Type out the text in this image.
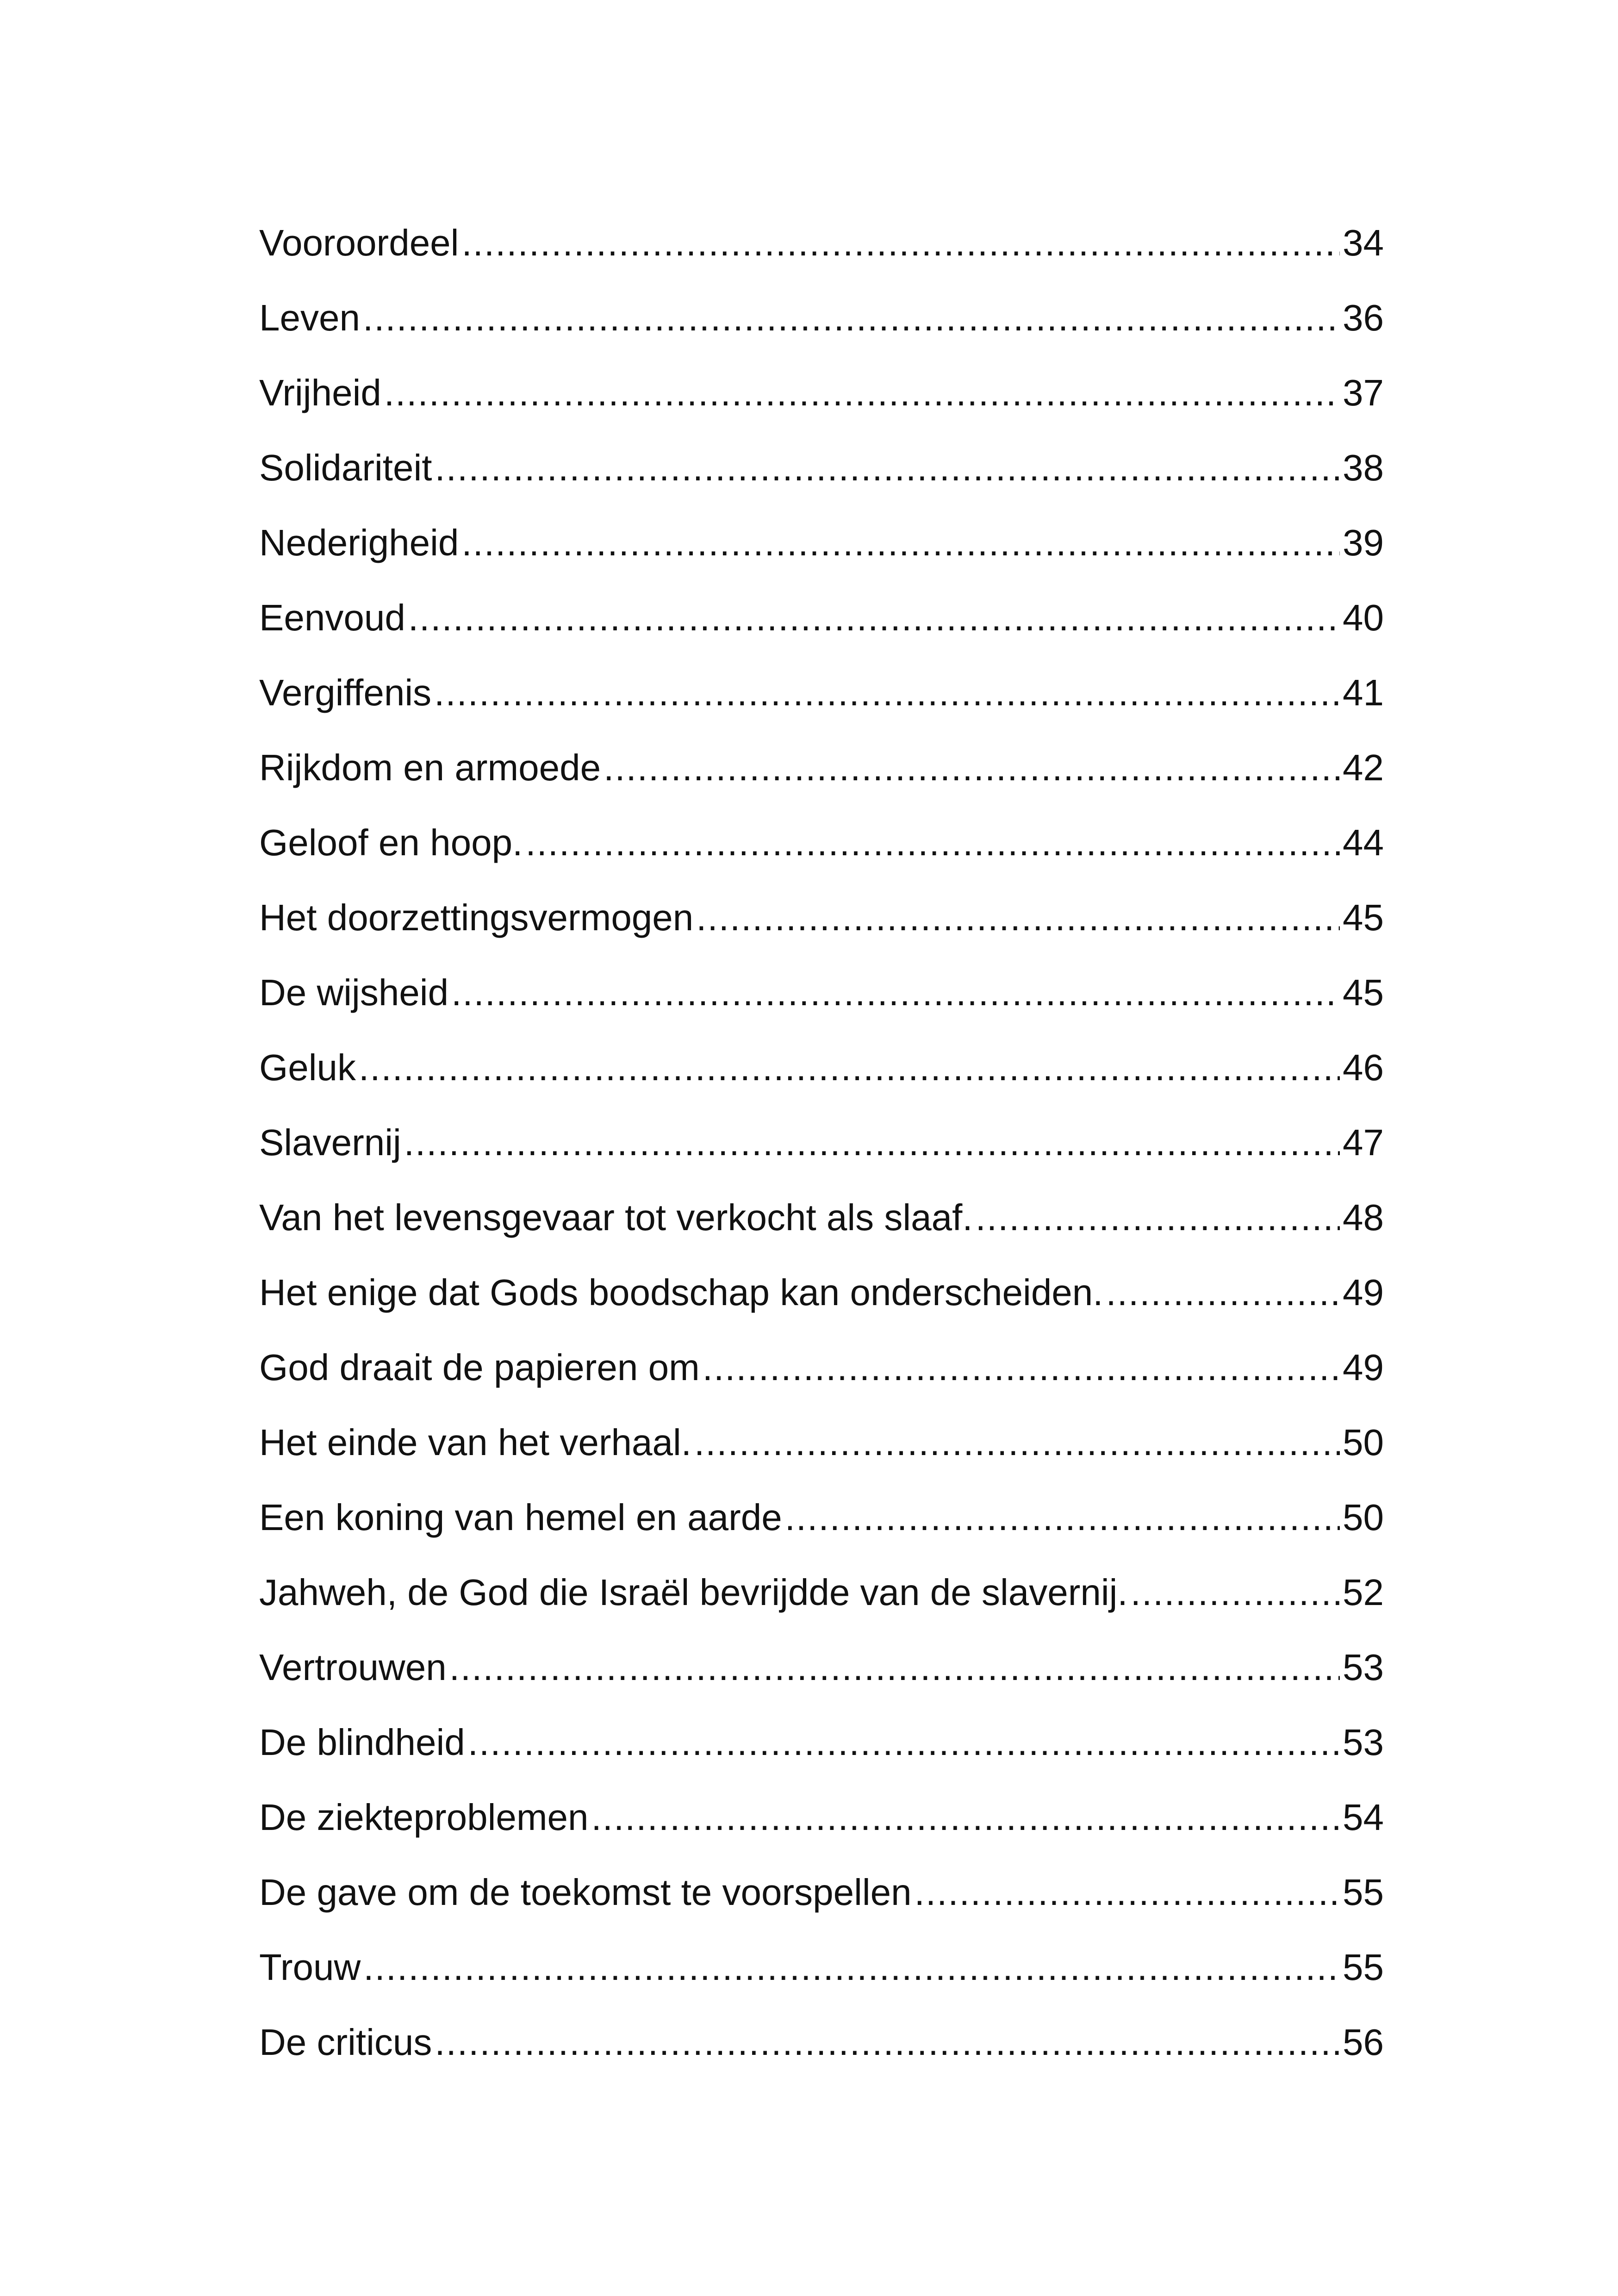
Vooroordeel .....	34
Leven .....	36
Vrijheid .....	37
Solidariteit .....	38
Nederigheid .....	39
Eenvoud .....	40
Vergiffenis .....	41
Rijkdom en armoede .....	42
Geloof en hoop. .....	44
Het doorzettingsvermogen .....	45
De wijsheid .....	45
Geluk .....	46
Slavernij .....	47
Van het levensgevaar tot verkocht als slaaf. .....	48
Het enige dat Gods boodschap kan onderscheiden. .....	49
God draait de papieren om .....	49
Het einde van het verhaal. .....	50
Een koning van hemel en aarde .....	50
Jahweh, de God die Israël bevrijdde van de slavernij. .....	52
Vertrouwen .....	53
De blindheid .....	53
De ziekteproblemen .....	54
De gave om de toekomst te voorspellen .....	55
Trouw .....	55
De criticus .....	56
